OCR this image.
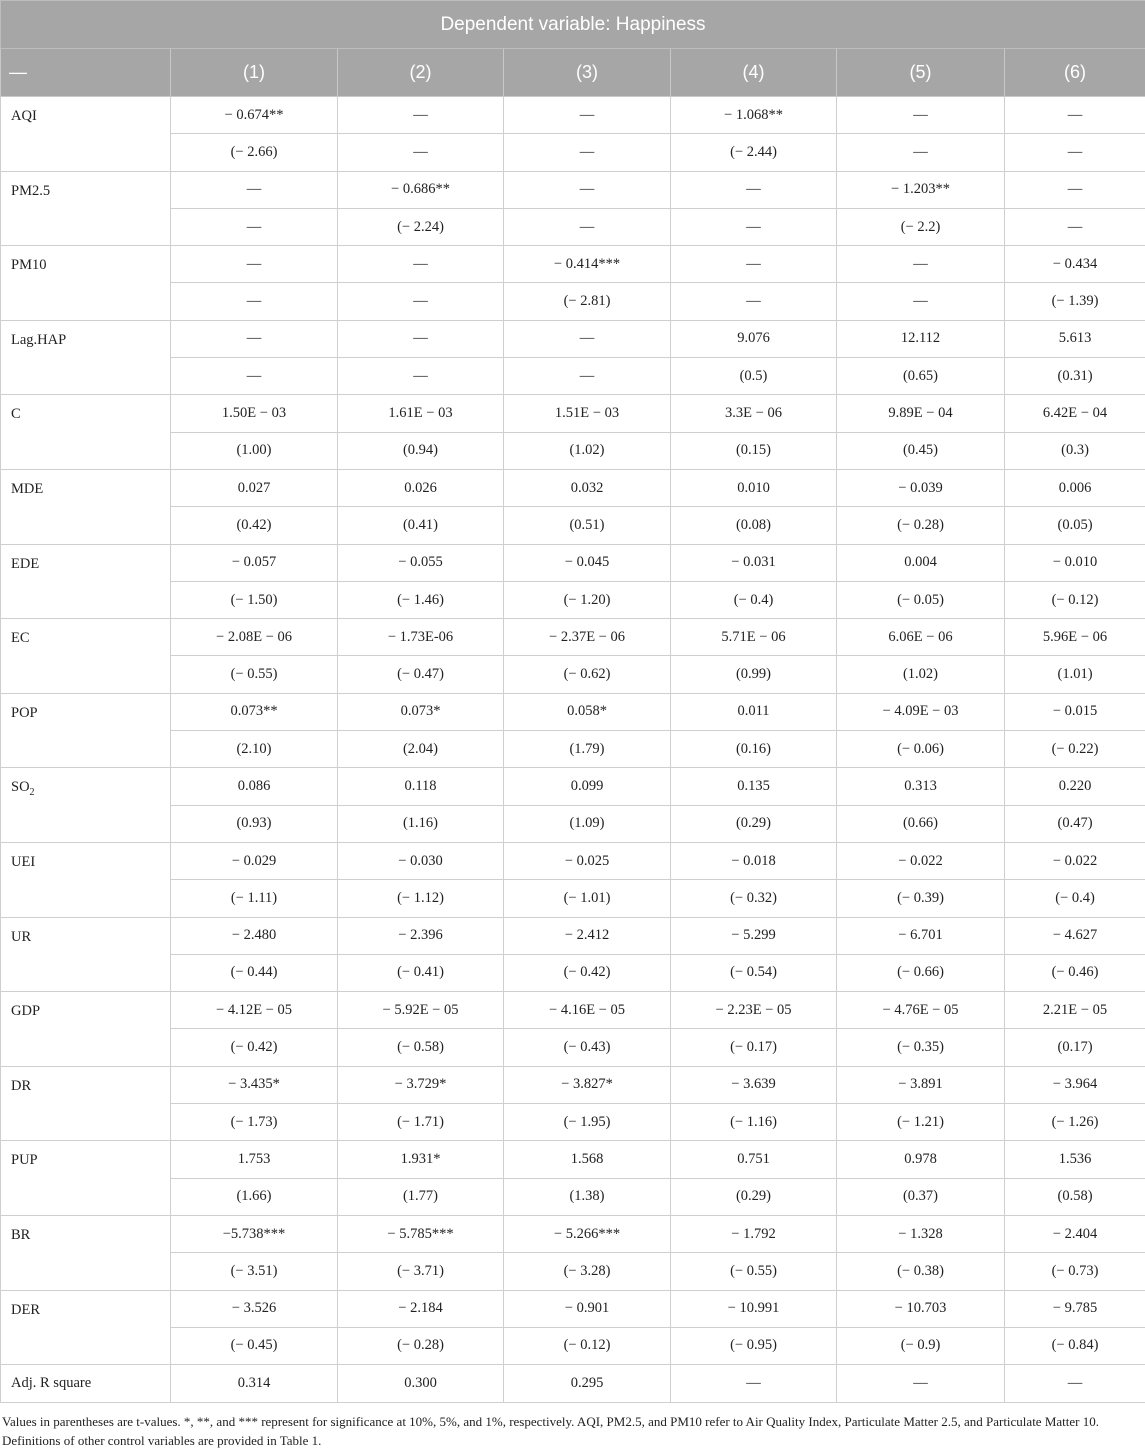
Dependent variable: Happiness						
—	(1)	(2)	(3)	(4)	(5)	(6)
AQI	− 0.674**	—	—	− 1.068**	—	—
	(− 2.66)	—	—	(− 2.44)	—	—
PM2.5	—	− 0.686**	—	—	− 1.203**	—
	—	(− 2.24)	—	—	(− 2.2)	—
PM10	—	—	− 0.414***	—	—	− 0.434
	—	—	(− 2.81)	—	—	(− 1.39)
Lag.HAP	—	—	—	9.076	12.112	5.613
	—	—	—	(0.5)	(0.65)	(0.31)
C	1.50E − 03	1.61E − 03	1.51E − 03	3.3E − 06	9.89E − 04	6.42E − 04
	(1.00)	(0.94)	(1.02)	(0.15)	(0.45)	(0.3)
MDE	0.027	0.026	0.032	0.010	− 0.039	0.006
	(0.42)	(0.41)	(0.51)	(0.08)	(− 0.28)	(0.05)
EDE	− 0.057	− 0.055	− 0.045	− 0.031	0.004	− 0.010
	(− 1.50)	(− 1.46)	(− 1.20)	(− 0.4)	(− 0.05)	(− 0.12)
EC	− 2.08E − 06	− 1.73E-06	− 2.37E − 06	5.71E − 06	6.06E − 06	5.96E − 06
	(− 0.55)	(− 0.47)	(− 0.62)	(0.99)	(1.02)	(1.01)
POP	0.073**	0.073*	0.058*	0.011	− 4.09E − 03	− 0.015
	(2.10)	(2.04)	(1.79)	(0.16)	(− 0.06)	(− 0.22)
$SO_2$	0.086	0.118	0.099	0.135	0.313	0.220
	(0.93)	(1.16)	(1.09)	(0.29)	(0.66)	(0.47)
UEI	− 0.029	− 0.030	− 0.025	− 0.018	− 0.022	− 0.022
	(− 1.11)	(− 1.12)	(− 1.01)	(− 0.32)	(− 0.39)	(− 0.4)
UR	− 2.480	− 2.396	− 2.412	− 5.299	− 6.701	− 4.627
	(− 0.44)	(− 0.41)	(− 0.42)	(− 0.54)	(− 0.66)	(− 0.46)
GDP	− 4.12E − 05	− 5.92E − 05	− 4.16E − 05	− 2.23E − 05	− 4.76E − 05	2.21E − 05
	(− 0.42)	(− 0.58)	(− 0.43)	(− 0.17)	(− 0.35)	(0.17)
DR	− 3.435*	− 3.729*	− 3.827*	− 3.639	− 3.891	− 3.964
	(− 1.73)	(− 1.71)	(− 1.95)	(− 1.16)	(− 1.21)	(− 1.26)
PUP	1.753	1.931*	1.568	0.751	0.978	1.536
	(1.66)	(1.77)	(1.38)	(0.29)	(0.37)	(0.58)
BR	−5.738***	− 5.785***	− 5.266***	− 1.792	− 1.328	− 2.404
	(− 3.51)	(− 3.71)	(− 3.28)	(− 0.55)	(− 0.38)	(− 0.73)
DER	− 3.526	− 2.184	− 0.901	− 10.991	− 10.703	− 9.785
	(− 0.45)	(− 0.28)	(− 0.12)	(− 0.95)	(− 0.9)	(− 0.84)
Adj. R square	0.314	0.300	0.295	—	—	—
Values in parentheses are t-values. *, **, and *** represent for significance at 10%, 5%, and 1%, respectively. AQI, PM2.5, and PM10 refer to Air Quality Index, Particulate Matter 2.5, and Particulate Matter 10. Definitions of other control variables are provided in Table 1.
